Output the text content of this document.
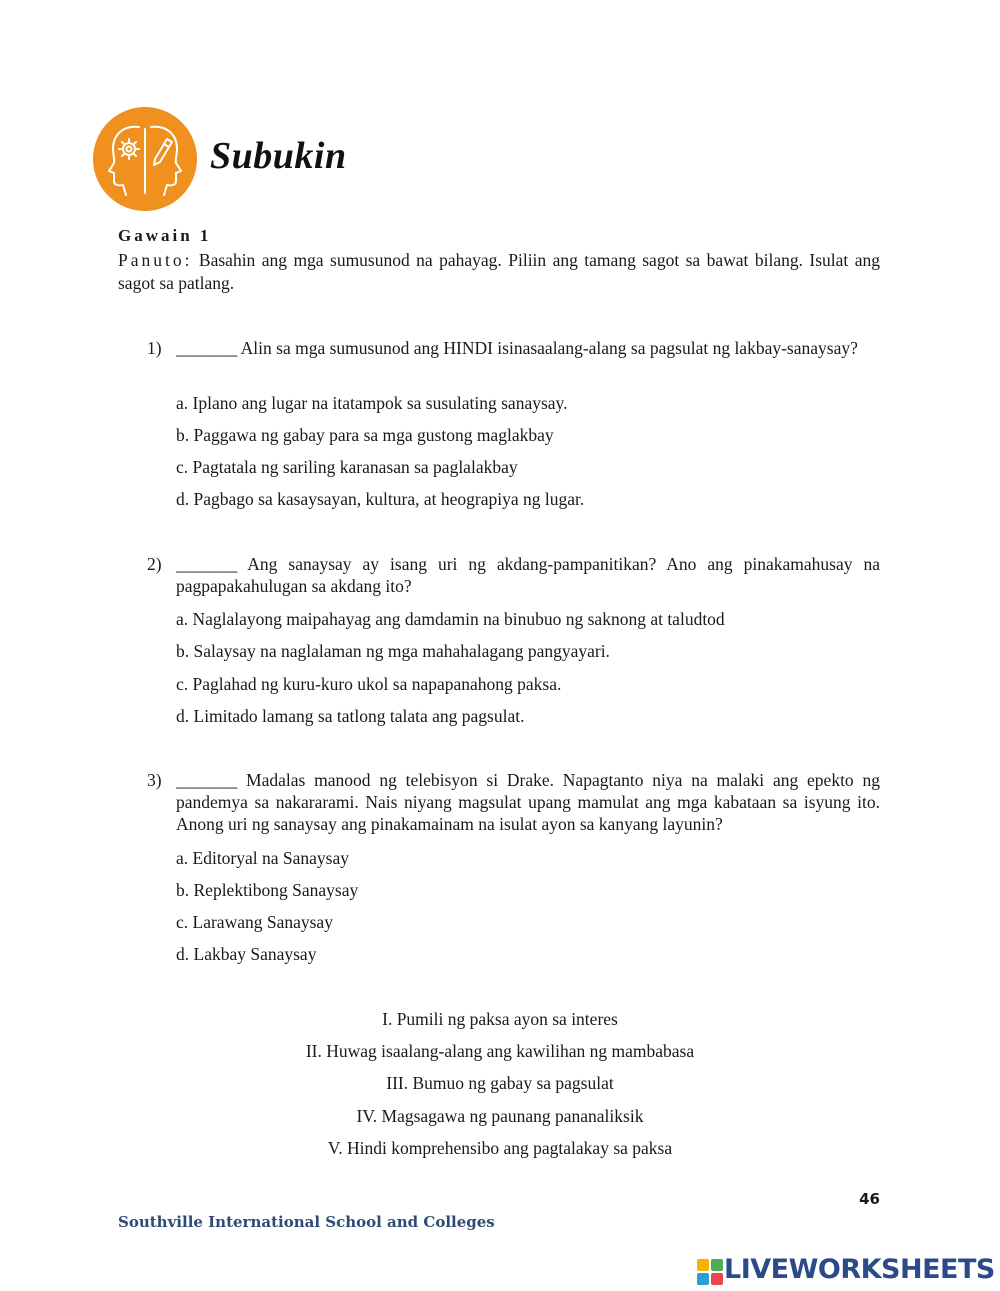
Subukin
Gawain 1
Panuto: Basahin ang mga sumusunod na pahayag. Piliin ang tamang sagot sa bawat bilang. Isulat ang sagot sa patlang.
1) _______ Alin sa mga sumusunod ang HINDI isinasaalang-alang sa pagsulat ng lakbay-sanaysay?
a. Iplano ang lugar na itatampok sa susulating sanaysay.
b. Paggawa ng gabay para sa mga gustong maglakbay
c. Pagtatala ng sariling karanasan sa paglalakbay
d. Pagbago sa kasaysayan, kultura, at heograpiya ng lugar.
2) _______ Ang sanaysay ay isang uri ng akdang-pampanitikan? Ano ang pinakamahusay na pagpapakahulugan sa akdang ito?
a. Naglalayong maipahayag ang damdamin na binubuo ng saknong at taludtod
b. Salaysay na naglalaman ng mga mahahalagang pangyayari.
c. Paglahad ng kuru-kuro ukol sa napapanahong paksa.
d. Limitado lamang sa tatlong talata ang pagsulat.
3) _______ Madalas manood ng telebisyon si Drake. Napagtanto niya na malaki ang epekto ng pandemya sa nakararami. Nais niyang magsulat upang mamulat ang mga kabataan sa isyung ito. Anong uri ng sanaysay ang pinakamainam na isulat ayon sa kanyang layunin?
a. Editoryal na Sanaysay
b. Replektibong Sanaysay
c. Larawang Sanaysay
d. Lakbay Sanaysay
I. Pumili ng paksa ayon sa interes
II. Huwag isaalang-alang ang kawilihan ng mambabasa
III. Bumuo ng gabay sa pagsulat
IV. Magsagawa ng paunang pananaliksik
V. Hindi komprehensibo ang pagtalakay sa paksa
46
Southville International School and Colleges
LIVEWORKSHEETS
